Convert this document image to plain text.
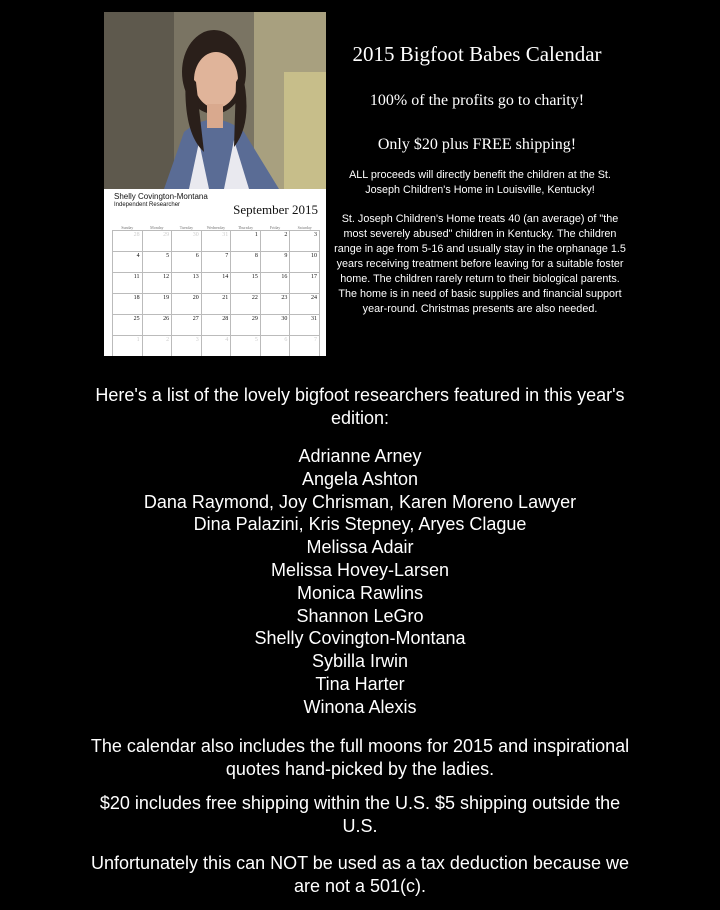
Shelly Covington-Montana
Independent Researcher	September 2015
Sunday	Monday	Tuesday	Wednesday	Thursday	Friday	Saturday
28	29	30	31	1	2	3
4	5	6	7	8	9	10
11	12	13	14	15	16	17
18	19	20	21	22	23	24
25	26	27	28	29	30	31
1	2	3	4	5	6	7
2015 Bigfoot Babes Calendar
100% of the profits go to charity!
Only $20 plus FREE shipping!
ALL proceeds will directly benefit the children at the St. Joseph Children's Home in Louisville, Kentucky!
St. Joseph Children's Home treats 40 (an average) of "the most severely abused" children in Kentucky. The children range in age from 5-16 and usually stay in the orphanage 1.5 years receiving treatment before leaving for a suitable foster home. The children rarely return to their biological parents. The home is in need of basic supplies and financial support year-round. Christmas presents are also needed.
Here's a list of the lovely bigfoot researchers featured in this year's edition:
Adrianne Arney
Angela Ashton
Dana Raymond, Joy Chrisman, Karen Moreno Lawyer
Dina Palazini, Kris Stepney, Aryes Clague
Melissa Adair
Melissa Hovey-Larsen
Monica Rawlins
Shannon LeGro
Shelly Covington-Montana
Sybilla Irwin
Tina Harter
Winona Alexis
The calendar also includes the full moons for 2015 and inspirational quotes hand-picked by the ladies.
$20 includes free shipping within the U.S. $5 shipping outside the U.S.
Unfortunately this can NOT be used as a tax deduction because we are not a 501(c).
